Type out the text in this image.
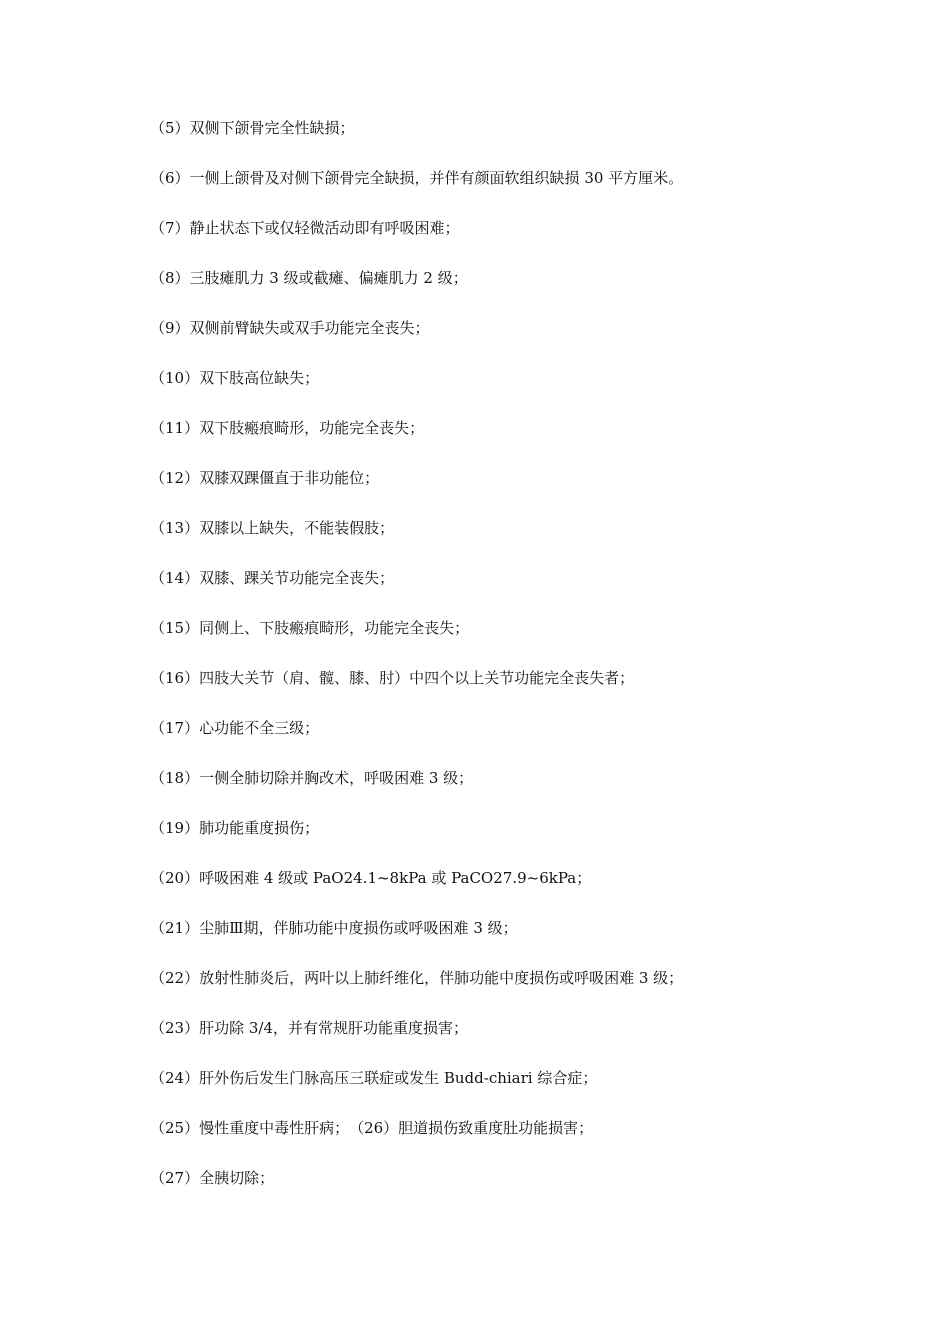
（5）双侧下颌骨完全性缺损；
（6）一侧上颌骨及对侧下颌骨完全缺损，并伴有颜面软组织缺损 30 平方厘米。
（7）静止状态下或仅轻微活动即有呼吸困难；
（8）三肢瘫肌力 3 级或截瘫、偏瘫肌力 2 级；
（9）双侧前臂缺失或双手功能完全丧失；
（10）双下肢高位缺失；
（11）双下肢瘢痕畸形，功能完全丧失；
（12）双膝双踝僵直于非功能位；
（13）双膝以上缺失，不能装假肢；
（14）双膝、踝关节功能完全丧失；
（15）同侧上、下肢瘢痕畸形，功能完全丧失；
（16）四肢大关节（肩、髋、膝、肘）中四个以上关节功能完全丧失者；
（17）心功能不全三级；
（18）一侧全肺切除并胸改术，呼吸困难 3 级；
（19）肺功能重度损伤；
（20）呼吸困难 4 级或 PaO24.1~8kPa 或 PaCO27.9~6kPa；
（21）尘肺Ⅲ期，伴肺功能中度损伤或呼吸困难 3 级；
（22）放射性肺炎后，两叶以上肺纤维化，伴肺功能中度损伤或呼吸困难 3 级；
（23）肝功除 3/4，并有常规肝功能重度损害；
（24）肝外伤后发生门脉高压三联症或发生 Budd-chiari 综合症；
（25）慢性重度中毒性肝病；　（26）胆道损伤致重度肚功能损害；
（27）全胰切除；
